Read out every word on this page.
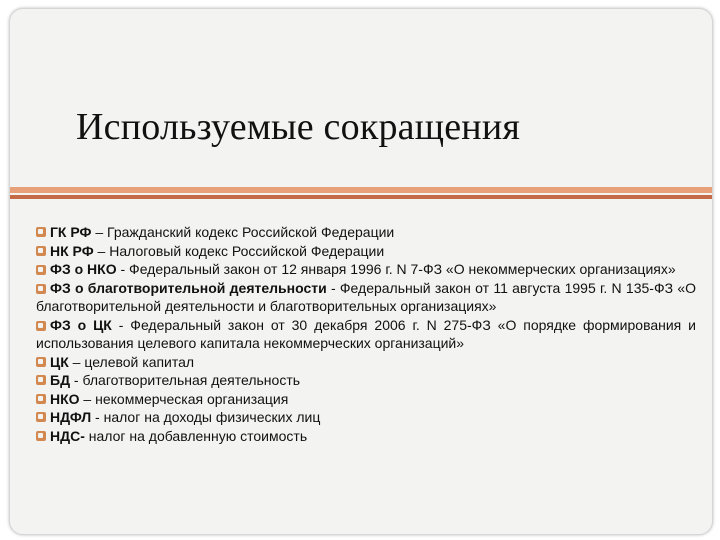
Используемые сокращения

ГК РФ – Гражданский кодекс Российской Федерации

НК РФ – Налоговый кодекс Российской Федерации

ФЗ о НКО - Федеральный закон от 12 января 1996 г. N 7-ФЗ «О некоммерческих организациях»

ФЗ о благотворительной деятельности - Федеральный закон от 11 августа 1995 г. N 135-ФЗ «О благотворительной деятельности и благотворительных организациях»

ФЗ о ЦК - Федеральный закон от 30 декабря 2006 г. N 275-ФЗ «О порядке формирования и использования целевого капитала некоммерческих организаций»

ЦК – целевой капитал

БД - благотворительная деятельность

НКО – некоммерческая организация

НДФЛ - налог на доходы физических лиц

НДС- налог на добавленную стоимость
